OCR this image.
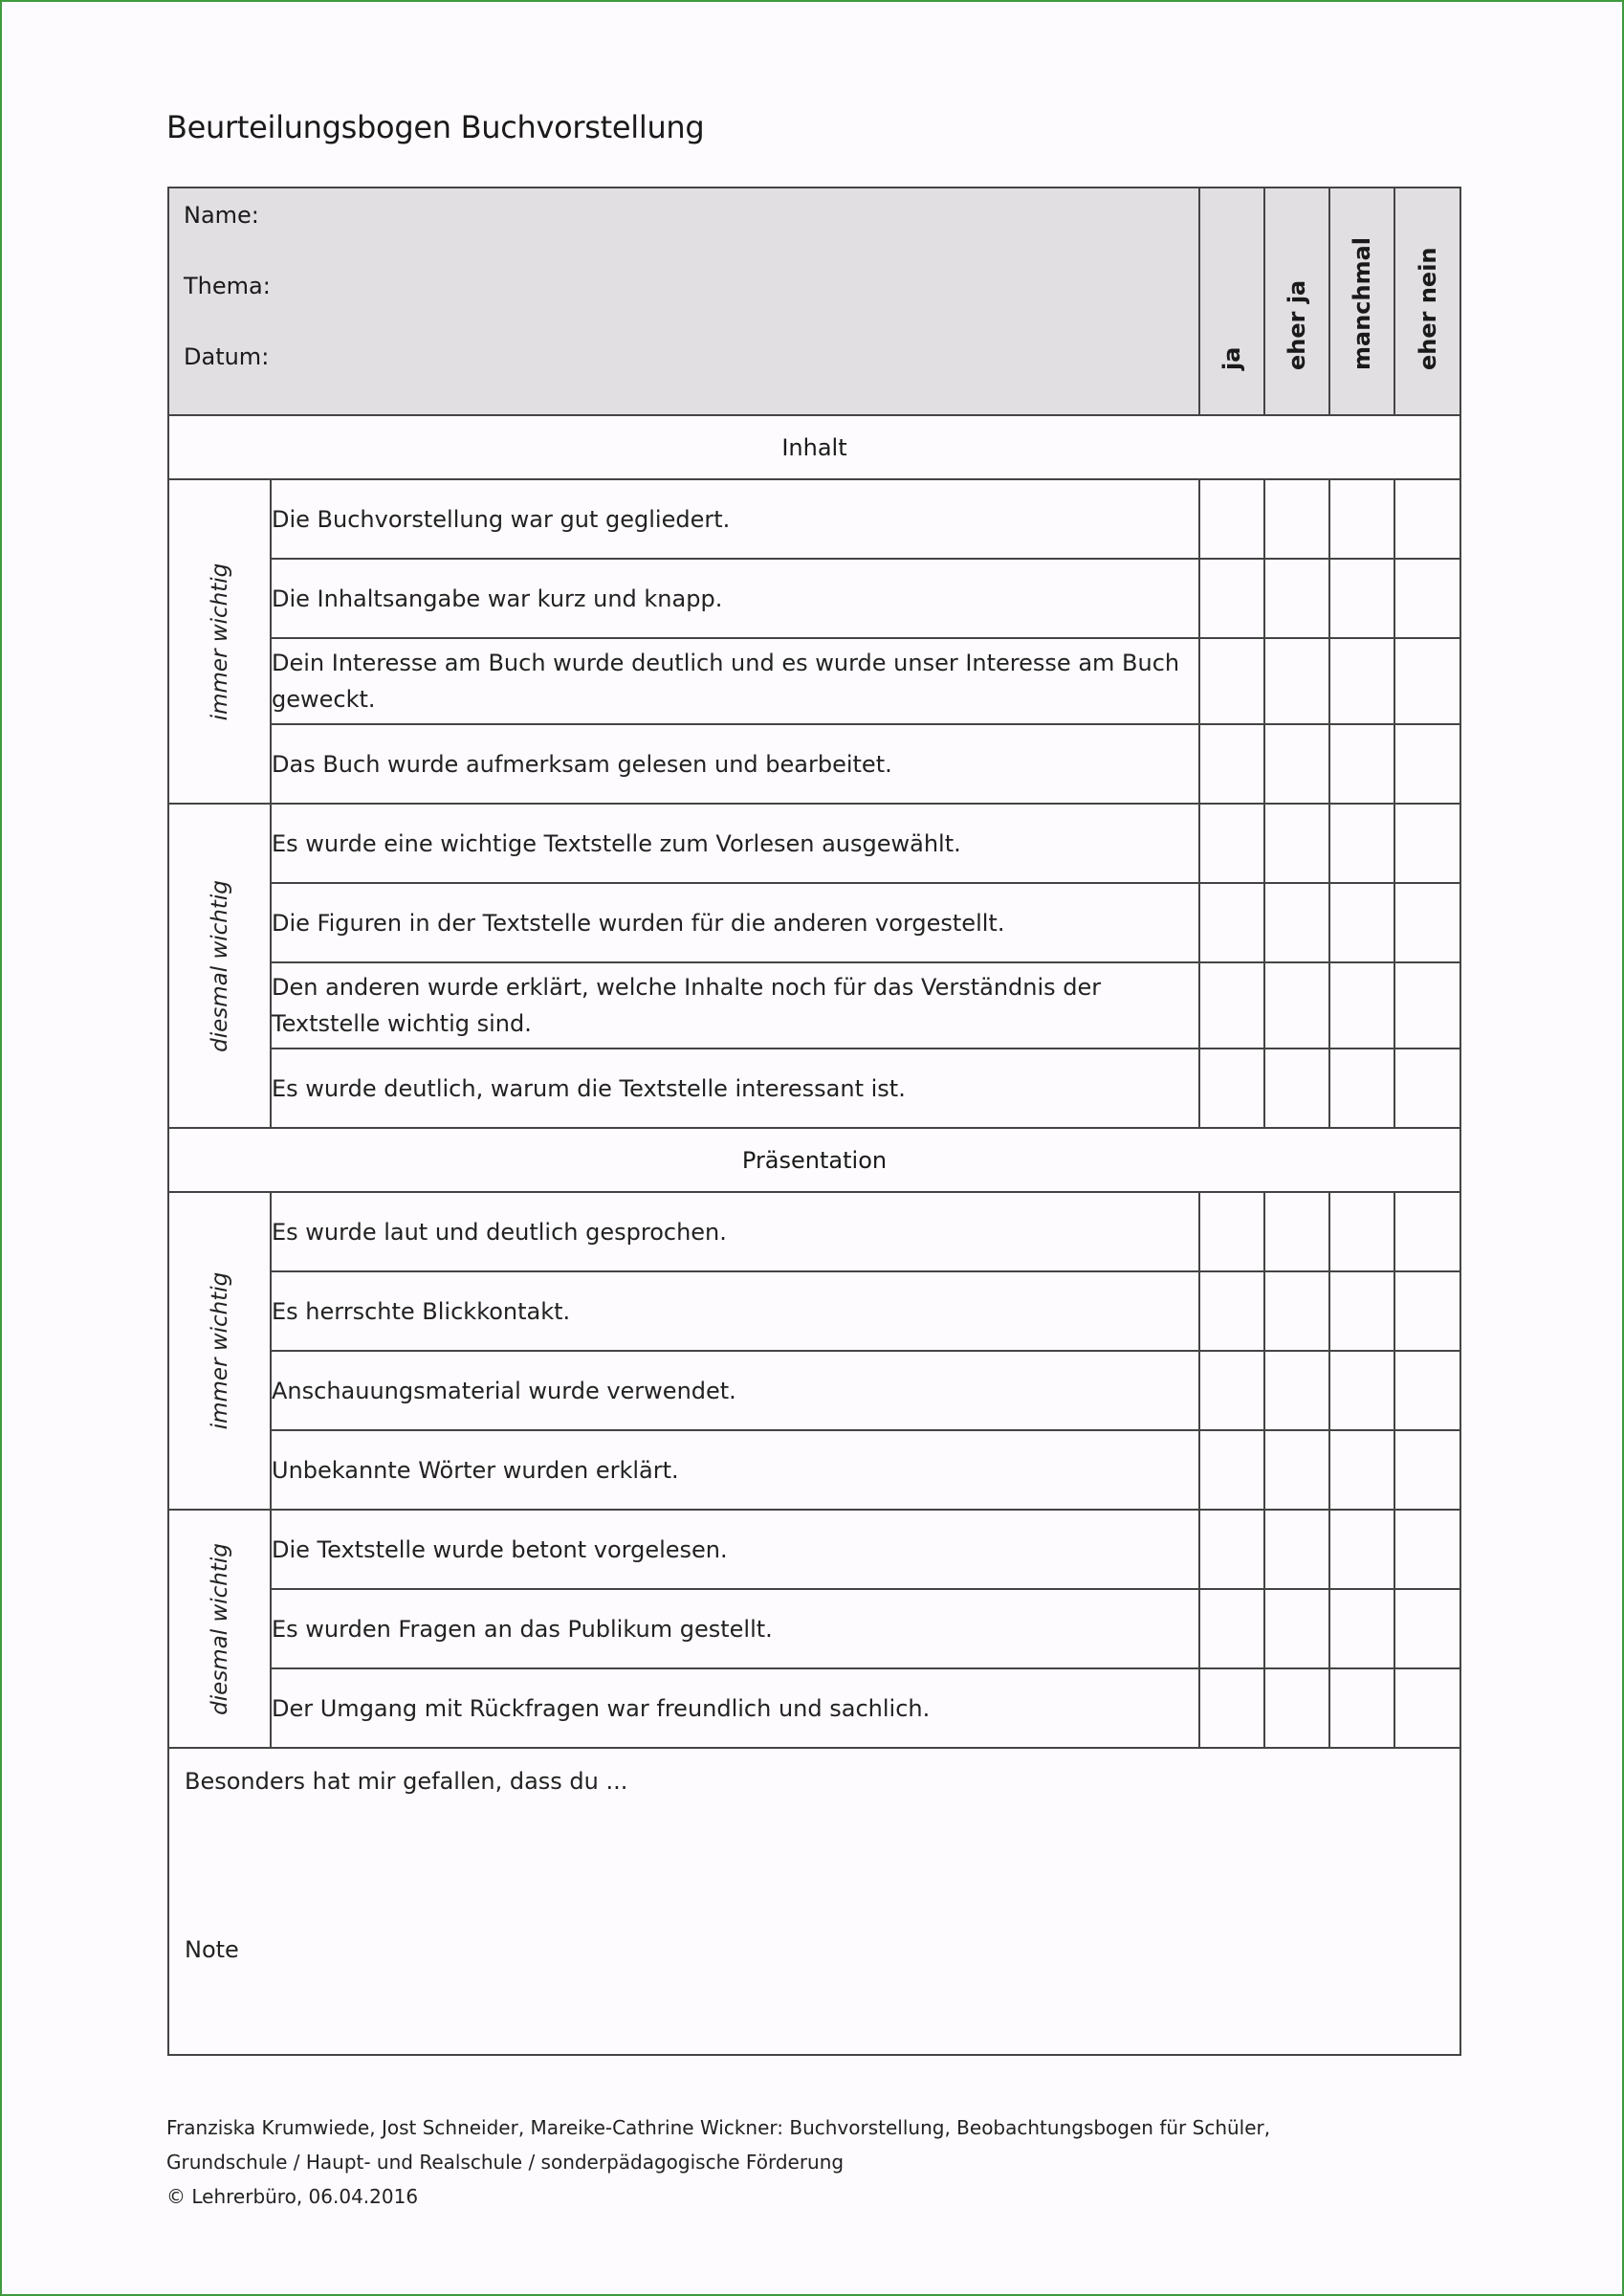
Beurteilungsbogen Buchvorstellung
Name:
Thema:
Datum:		ja	eher ja	manchmal	eher nein

Inhalt					

immer wichtig	Die Buchvorstellung war gut gegliedert.				
	Die Inhaltsangabe war kurz und knapp.				
	Dein Interesse am Buch wurde deutlich und es wurde unser Interesse am Buch geweckt.				
	Das Buch wurde aufmerksam gelesen und bearbeitet.				

diesmal wichtig	Es wurde eine wichtige Textstelle zum Vorlesen ausgewählt.				
	Die Figuren in der Textstelle wurden für die anderen vorgestellt.				
	Den anderen wurde erklärt, welche Inhalte noch für das Verständnis der Textstelle wichtig sind.				
	Es wurde deutlich, warum die Textstelle interessant ist.				
Präsentation					

immer wichtig	Es wurde laut und deutlich gesprochen.				
	Es herrschte Blickkontakt.				
	Anschauungsmaterial wurde verwendet.				
	Unbekannte Wörter wurden erklärt.				

diesmal wichtig	Die Textstelle wurde betont vorgelesen.				
	Es wurden Fragen an das Publikum gestellt.				
	Der Umgang mit Rückfragen war freundlich und sachlich.				

Besonders hat mir gefallen, dass du ...
Note					
Franziska Krumwiede, Jost Schneider, Mareike-Cathrine Wickner: Buchvorstellung, Beobachtungsbogen für Schüler,
Grundschule / Haupt- und Realschule / sonderpädagogische Förderung
© Lehrerbüro, 06.04.2016
